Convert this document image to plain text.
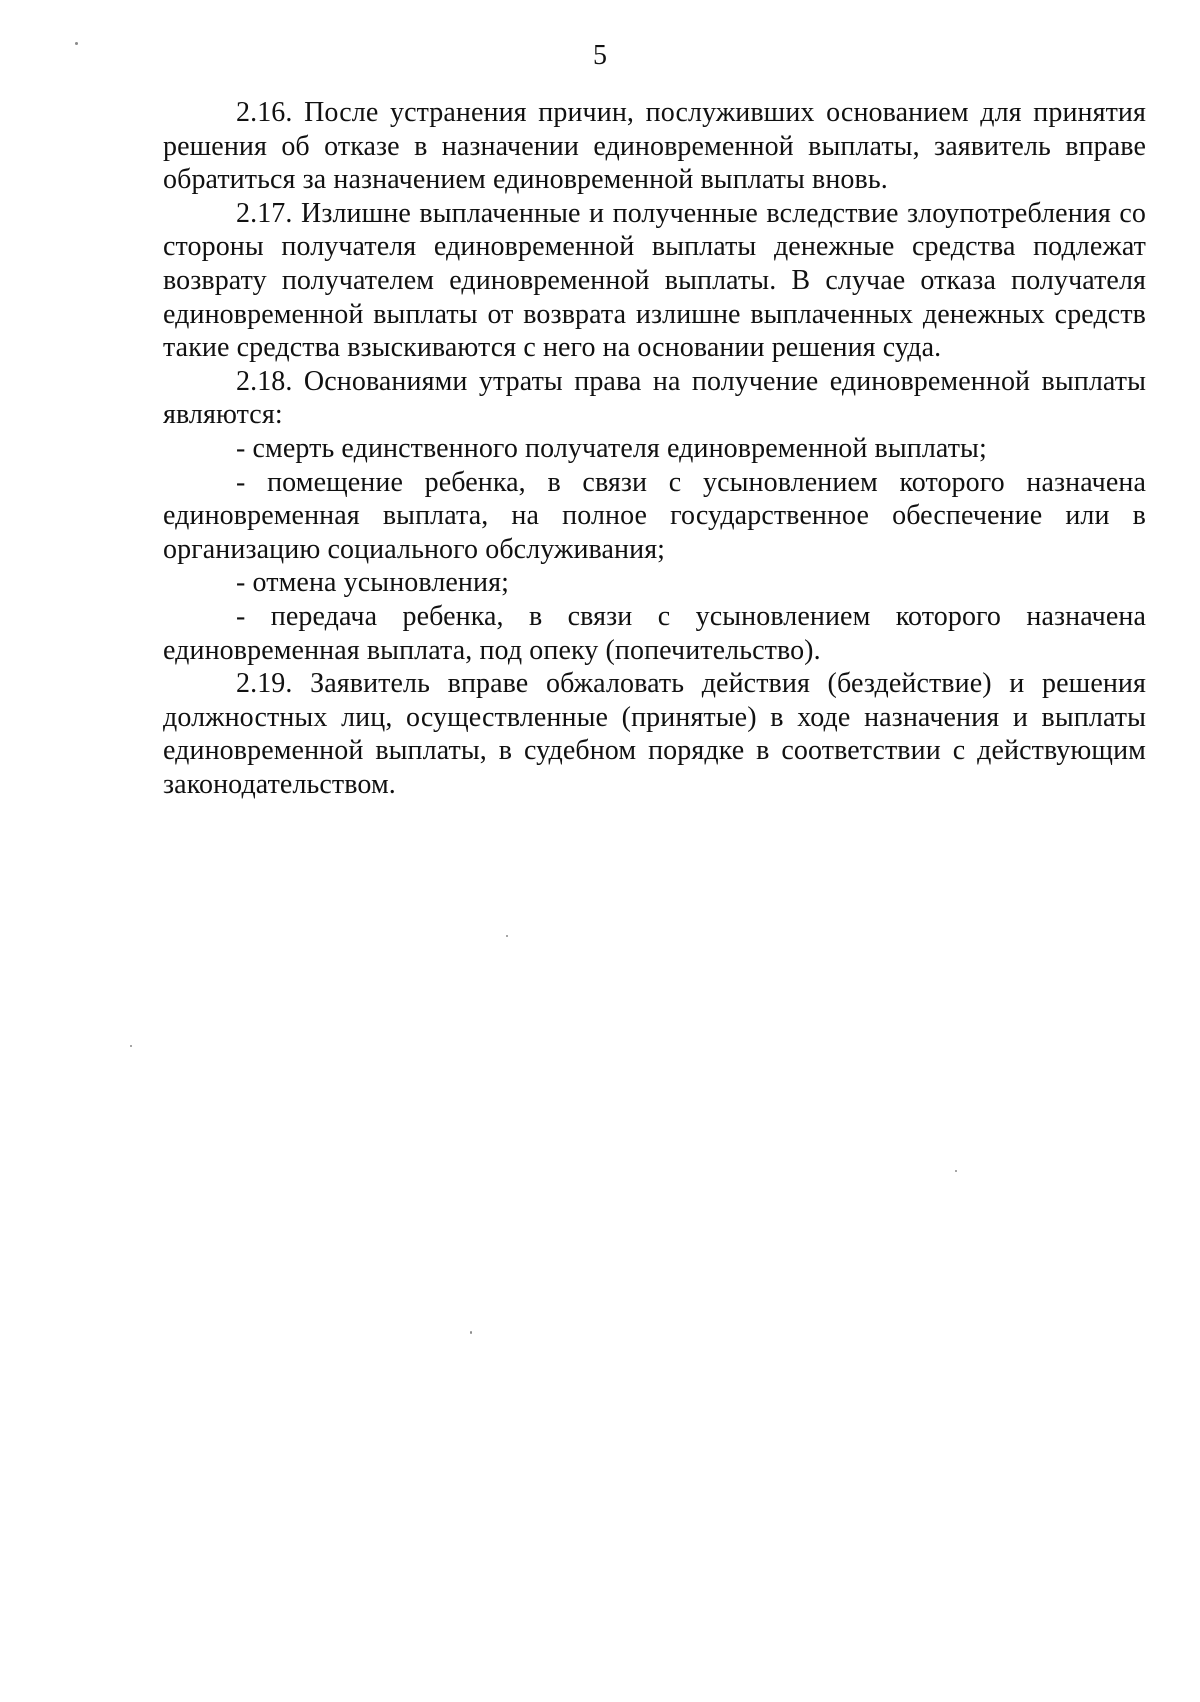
5

2.16. После устранения причин, послуживших основанием для принятия решения об отказе в назначении единовременной выплаты, заявитель вправе обратиться за назначением единовременной выплаты вновь.

2.17. Излишне выплаченные и полученные вследствие злоупотребления со стороны получателя единовременной выплаты денежные средства подлежат возврату получателем единовременной выплаты. В случае отказа получателя единовременной выплаты от возврата излишне выплаченных денежных средств такие средства взыскиваются с него на основании решения суда.

2.18. Основаниями утраты права на получение единовременной выплаты являются:

- смерть единственного получателя единовременной выплаты;

- помещение ребенка, в связи с усыновлением которого назначена единовременная выплата, на полное государственное обеспечение или в организацию социального обслуживания;

- отмена усыновления;

- передача ребенка, в связи с усыновлением которого назначена единовременная выплата, под опеку (попечительство).

2.19. Заявитель вправе обжаловать действия (бездействие) и решения должностных лиц, осуществленные (принятые) в ходе назначения и выплаты единовременной выплаты, в судебном порядке в соответствии с действующим законодательством.
